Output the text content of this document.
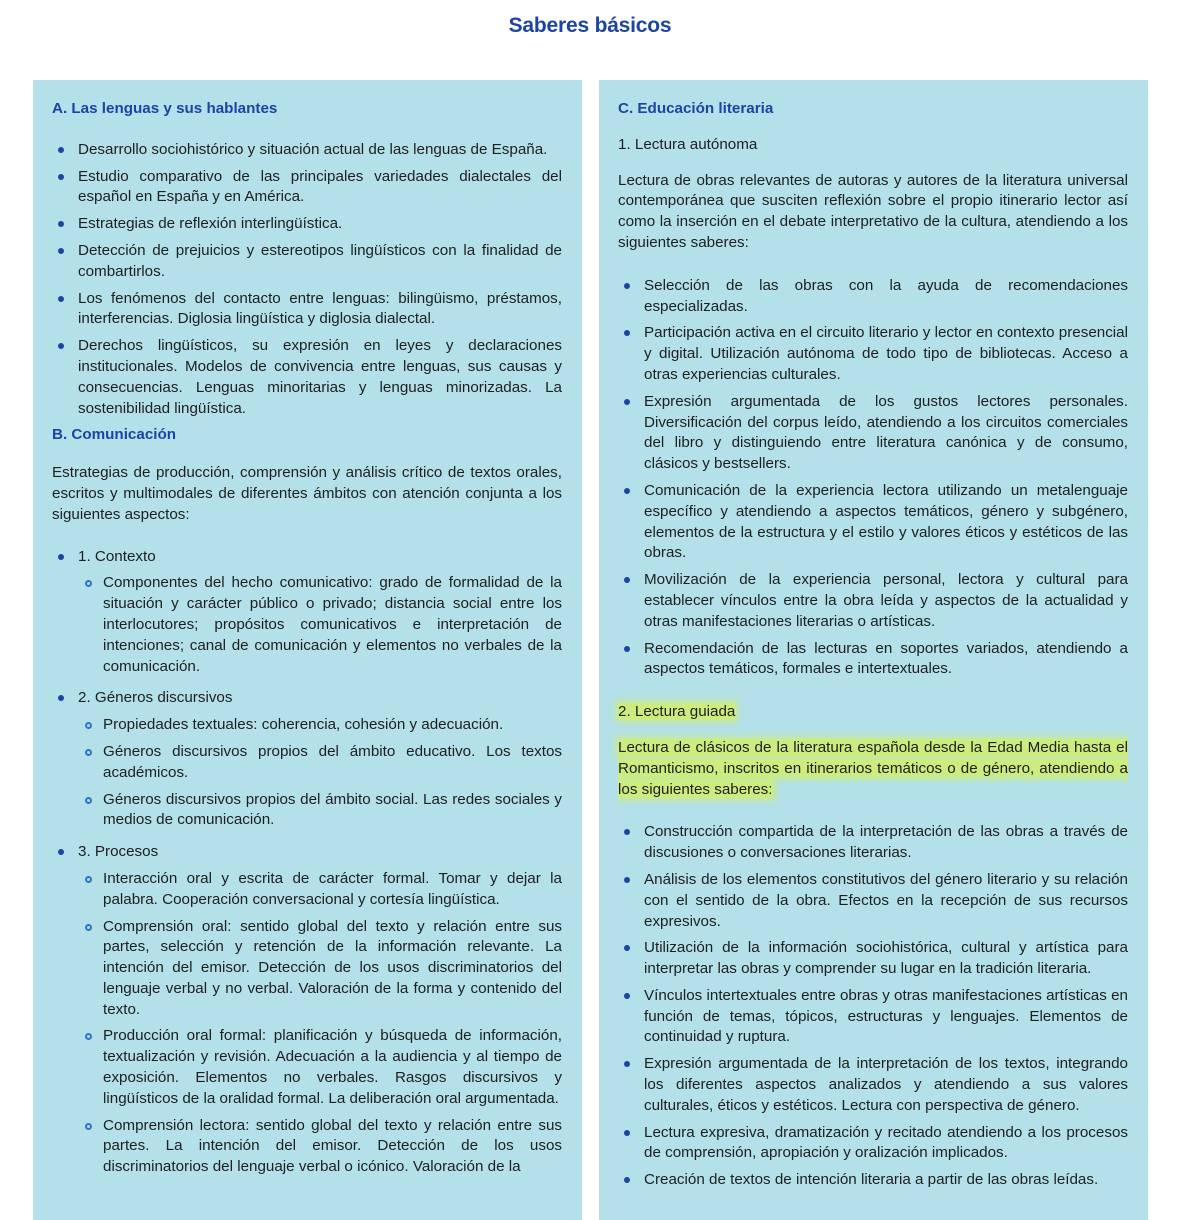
Saberes básicos
A. Las lenguas y sus hablantes
Desarrollo sociohistórico y situación actual de las lenguas de España.
Estudio comparativo de las principales variedades dialectales del español en España y en América.
Estrategias de reflexión interlingüística.
Detección de prejuicios y estereotipos lingüísticos con la finalidad de combartirlos.
Los fenómenos del contacto entre lenguas: bilingüismo, préstamos, interferencias. Diglosia lingüística y diglosia dialectal.
Derechos lingüísticos, su expresión en leyes y declaraciones institucionales. Modelos de convivencia entre lenguas, sus causas y consecuencias. Lenguas minoritarias y lenguas minorizadas. La sostenibilidad lingüística.
B. Comunicación

Estrategias de producción, comprensión y análisis crítico de textos orales, escritos y multimodales de diferentes ámbitos con atención conjunta a los siguientes aspectos:

1. Contexto
Componentes del hecho comunicativo: grado de formalidad de la situación y carácter público o privado; distancia social entre los interlocutores; propósitos comunicativos e interpretación de intenciones; canal de comunicación y elementos no verbales de la comunicación.
2. Géneros discursivos
Propiedades textuales: coherencia, cohesión y adecuación.
Géneros discursivos propios del ámbito educativo. Los textos académicos.
Géneros discursivos propios del ámbito social. Las redes sociales y medios de comunicación.
3. Procesos
Interacción oral y escrita de carácter formal. Tomar y dejar la palabra. Cooperación conversacional y cortesía lingüística.
Comprensión oral: sentido global del texto y relación entre sus partes, selección y retención de la información relevante. La intención del emisor. Detección de los usos discriminatorios del lenguaje verbal y no verbal. Valoración de la forma y contenido del texto.
Producción oral formal: planificación y búsqueda de información, textualización y revisión. Adecuación a la audiencia y al tiempo de exposición. Elementos no verbales. Rasgos discursivos y lingüísticos de la oralidad formal. La deliberación oral argumentada.
Comprensión lectora: sentido global del texto y relación entre sus partes. La intención del emisor. Detección de los usos discriminatorios del lenguaje verbal o icónico. Valoración de la
C. Educación literaria

1. Lectura autónoma

Lectura de obras relevantes de autoras y autores de la literatura universal contemporánea que susciten reflexión sobre el propio itinerario lector así como la inserción en el debate interpretativo de la cultura, atendiendo a los siguientes saberes:

Selección de las obras con la ayuda de recomendaciones especializadas.
Participación activa en el circuito literario y lector en contexto presencial y digital. Utilización autónoma de todo tipo de bibliotecas. Acceso a otras experiencias culturales.
Expresión argumentada de los gustos lectores personales. Diversificación del corpus leído, atendiendo a los circuitos comerciales del libro y distinguiendo entre literatura canónica y de consumo, clásicos y bestsellers.
Comunicación de la experiencia lectora utilizando un metalenguaje específico y atendiendo a aspectos temáticos, género y subgénero, elementos de la estructura y el estilo y valores éticos y estéticos de las obras.
Movilización de la experiencia personal, lectora y cultural para establecer vínculos entre la obra leída y aspectos de la actualidad y otras manifestaciones literarias o artísticas.
Recomendación de las lecturas en soportes variados, atendiendo a aspectos temáticos, formales e intertextuales.

2. Lectura guiada

Lectura de clásicos de la literatura española desde la Edad Media hasta el Romanticismo, inscritos en itinerarios temáticos o de género, atendiendo a los siguientes saberes:

Construcción compartida de la interpretación de las obras a través de discusiones o conversaciones literarias.
Análisis de los elementos constitutivos del género literario y su relación con el sentido de la obra. Efectos en la recepción de sus recursos expresivos.
Utilización de la información sociohistórica, cultural y artística para interpretar las obras y comprender su lugar en la tradición literaria.
Vínculos intertextuales entre obras y otras manifestaciones artísticas en función de temas, tópicos, estructuras y lenguajes. Elementos de continuidad y ruptura.
Expresión argumentada de la interpretación de los textos, integrando los diferentes aspectos analizados y atendiendo a sus valores culturales, éticos y estéticos. Lectura con perspectiva de género.
Lectura expresiva, dramatización y recitado atendiendo a los procesos de comprensión, apropiación y oralización implicados.
Creación de textos de intención literaria a partir de las obras leídas.
